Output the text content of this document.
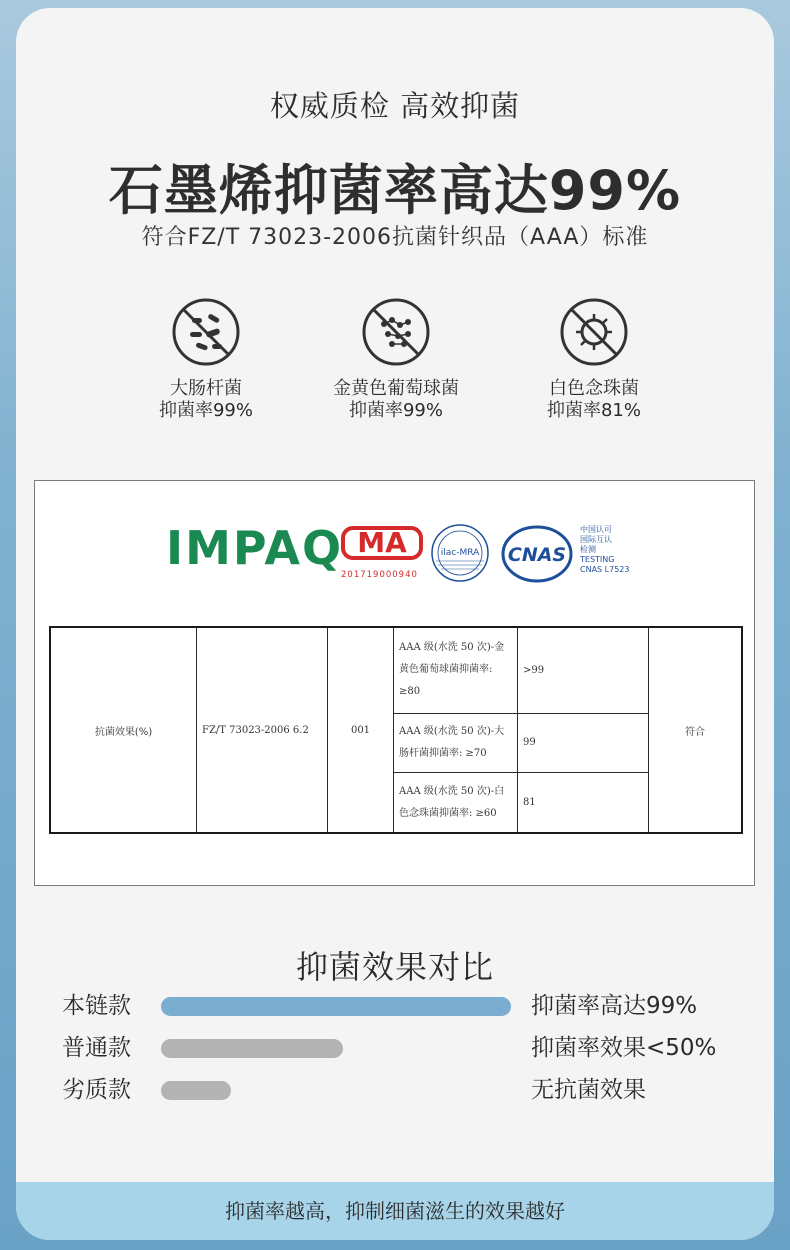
权威质检 高效抑菌
石墨烯抑菌率高达99%
符合FZ/T 73023-2006抗菌针织品（AAA）标准
大肠杆菌
抑菌率99%
金黄色葡萄球菌
抑菌率99%
白色念珠菌
抑菌率81%
IMPAQ MA
201719000940
ilac-MRA CNAS
中国认可
国际互认
检测
TESTING
CNAS L7523
抗菌效果(%)	FZ/T 73023-2006 6.2	001	AAA 级(水洗 50 次)-金黄色葡萄球菌抑菌率: ≥80	>99	符合
			AAA 级(水洗 50 次)-大肠杆菌抑菌率: ≥70	99	
			AAA 级(水洗 50 次)-白色念珠菌抑菌率: ≥60	81	
抑菌效果对比
本链款	抑菌率高达99%
普通款	抑菌率效果<50%
劣质款	无抗菌效果
抑菌率越高，抑制细菌滋生的效果越好
